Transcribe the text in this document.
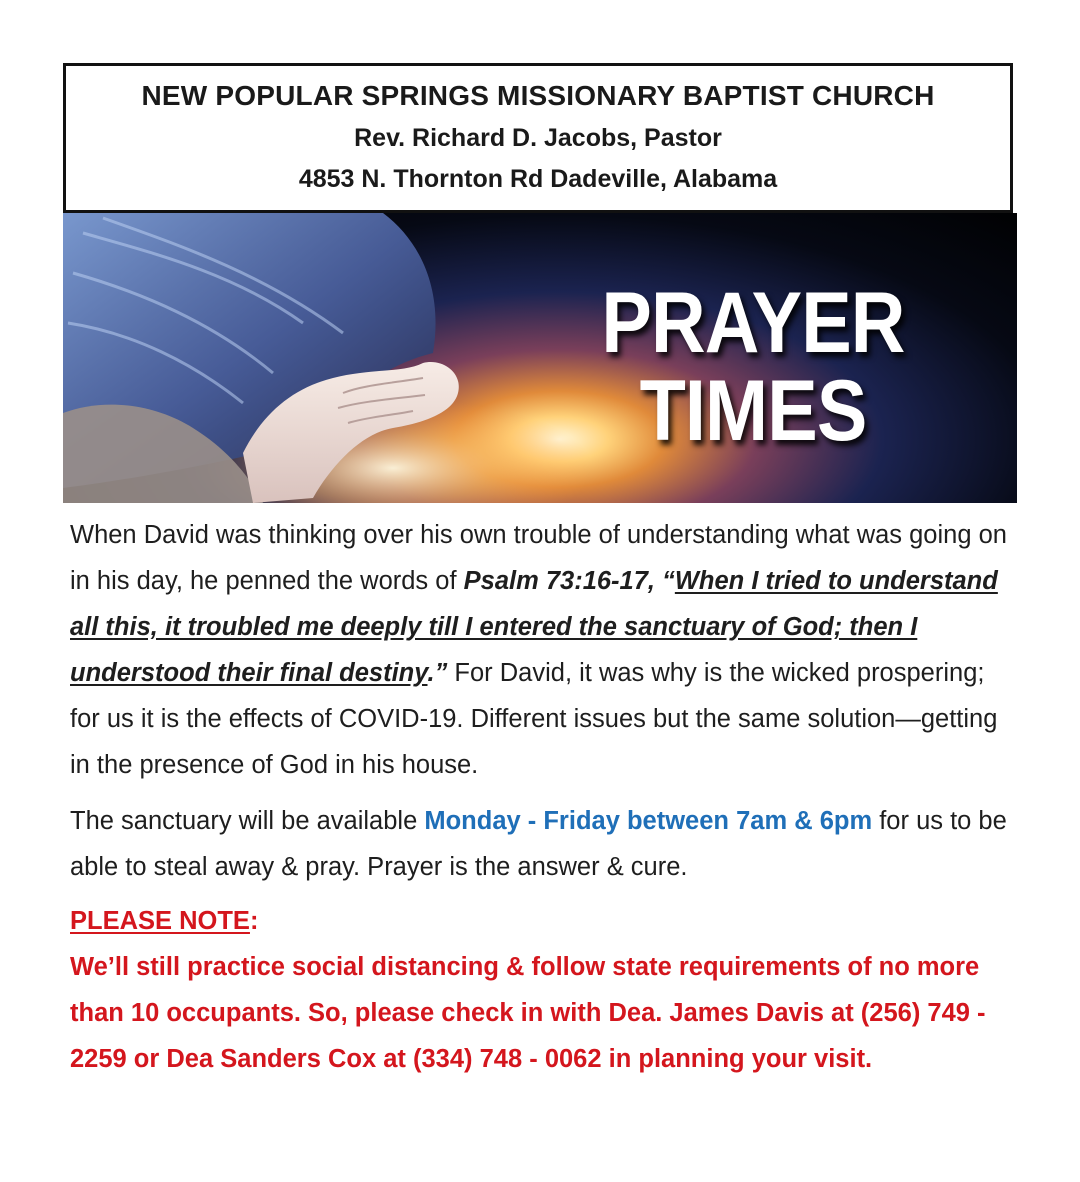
NEW POPULAR SPRINGS MISSIONARY BAPTIST CHURCH
Rev. Richard D. Jacobs, Pastor
4853 N. Thornton Rd Dadeville, Alabama
PRAYER
TIMES

When David was thinking over his own trouble of understanding what was going on in his day, he penned the words of Psalm 73:16-17, “When I tried to understand all this, it troubled me deeply till I entered the sanctuary of God; then I understood their final destiny.” For David, it was why is the wicked prospering; for us it is the effects of COVID-19. Different issues but the same solution—getting in the presence of God in his house.

The sanctuary will be available Monday - Friday between 7am & 6pm for us to be able to steal away & pray. Prayer is the answer & cure.

PLEASE NOTE:
We’ll still practice social distancing & follow state requirements of no more than 10 occupants. So, please check in with Dea. James Davis at (256) 749 - 2259 or Dea Sanders Cox at (334) 748 - 0062 in planning your visit.
